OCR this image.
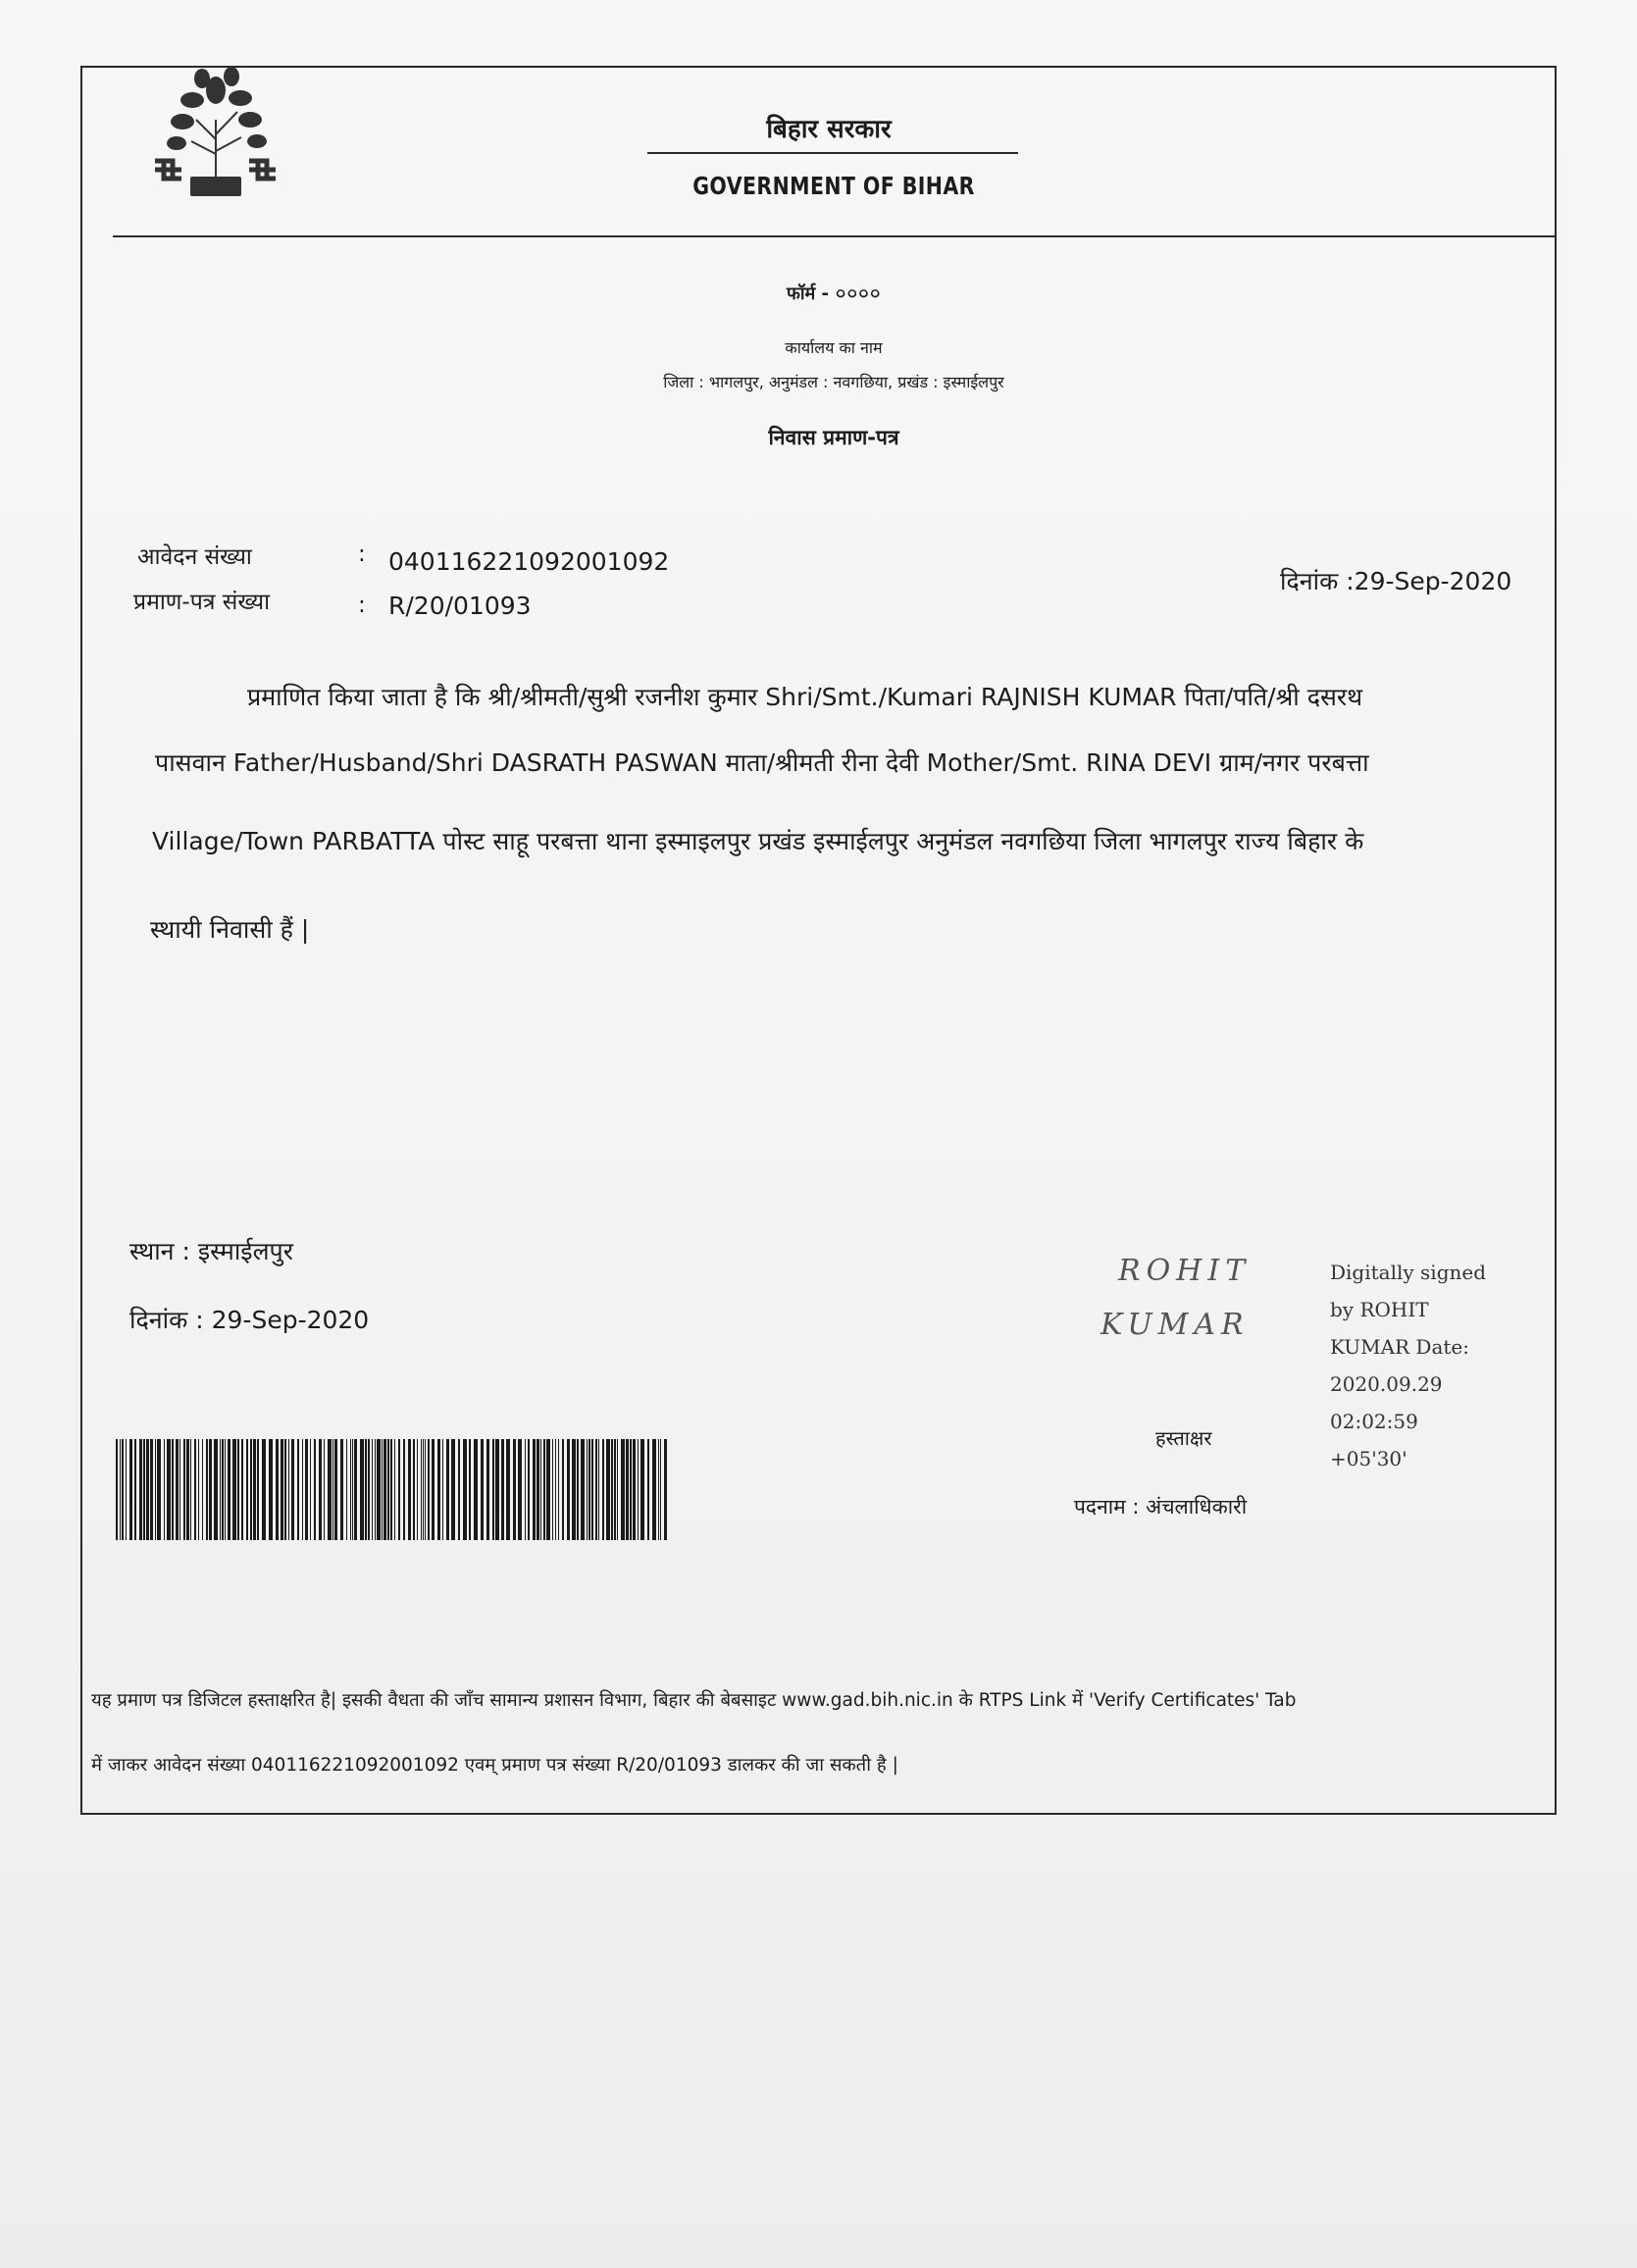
बिहार सरकार
GOVERNMENT OF BIHAR
फॉर्म - ০০০০
कार्यालय का नाम
जिला : भागलपुर, अनुमंडल : नवगछिया, प्रखंड : इस्माईलपुर
निवास प्रमाण-पत्र
आवेदन संख्या	: 040116221092001092
प्रमाण-पत्र संख्या	: R/20/01093
दिनांक :29-Sep-2020
प्रमाणित किया जाता है कि श्री/श्रीमती/सुश्री रजनीश कुमार Shri/Smt./Kumari RAJNISH KUMAR पिता/पति/श्री दसरथ
पासवान Father/Husband/Shri DASRATH PASWAN माता/श्रीमती रीना देवी Mother/Smt. RINA DEVI ग्राम/नगर परबत्ता
Village/Town PARBATTA पोस्ट साहू परबत्ता थाना इस्माइलपुर प्रखंड इस्माईलपुर अनुमंडल नवगछिया जिला भागलपुर राज्य बिहार के
स्थायी निवासी हैं |
स्थान : इस्माईलपुर
दिनांक : 29-Sep-2020
ROHIT
KUMAR
Digitally signed
by ROHIT
KUMAR Date:
2020.09.29
02:02:59
+05'30'
हस्ताक्षर
पदनाम : अंचलाधिकारी
यह प्रमाण पत्र डिजिटल हस्ताक्षरित है| इसकी वैधता की जाँच सामान्य प्रशासन विभाग, बिहार की बेबसाइट www.gad.bih.nic.in के RTPS Link में 'Verify Certificates' Tab
में जाकर आवेदन संख्या 040116221092001092 एवम् प्रमाण पत्र संख्या R/20/01093 डालकर की जा सकती है |
